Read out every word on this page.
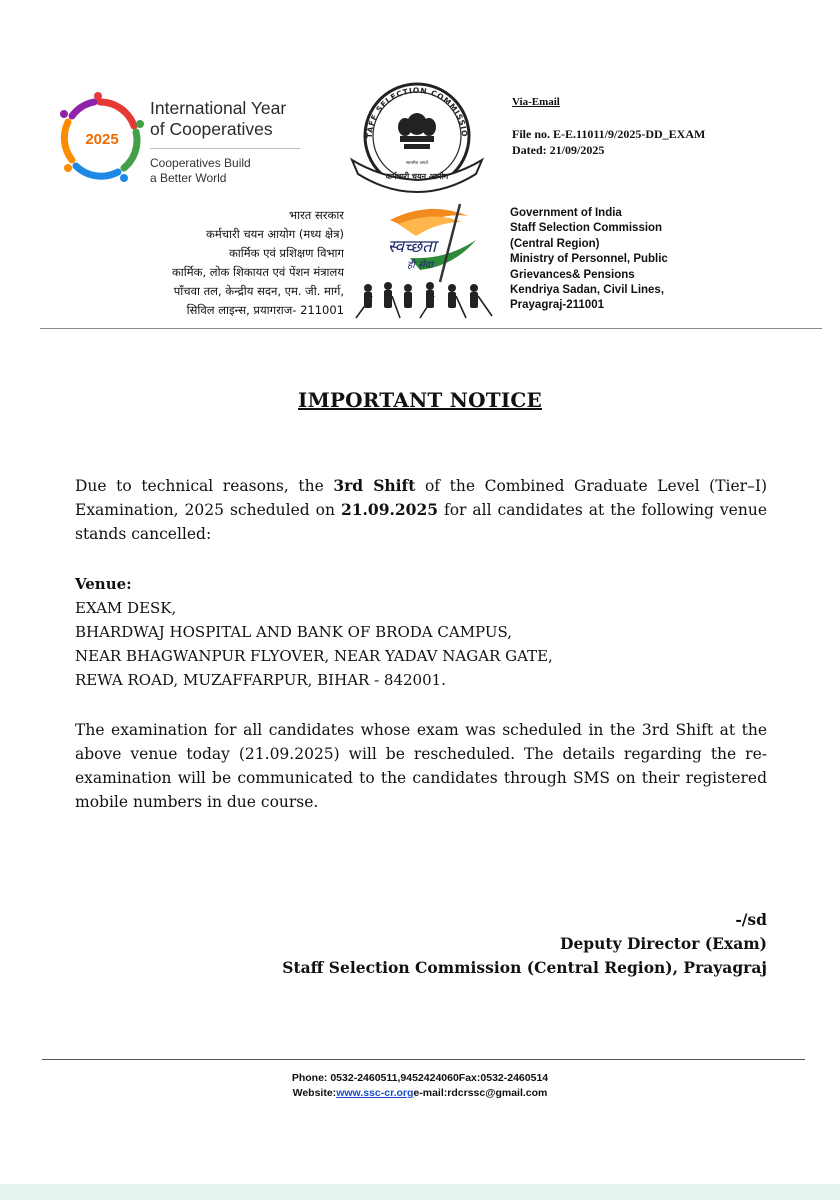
2025
International Year
of Cooperatives
Cooperatives Build
a Better World
TAFF SELECTION COMMISSIO
कर्मचारी चयन आयोग
सत्यमेव जयते
Via-Email
File no. E-E.11011/9/2025-DD_EXAM
Dated: 21/09/2025
भारत सरकार
कर्मचारी चयन आयोग (मध्य क्षेत्र)
कार्मिक एवं प्रशिक्षण विभाग
कार्मिक, लोक शिकायत एवं पेंशन मंत्रालय
पाँचवा तल, केन्द्रीय सदन, एम. जी. मार्ग,
सिविल लाइन्स, प्रयागराज- 211001
स्वच्छता
ही सेवा
Government of India
Staff Selection Commission
(Central Region)
Ministry of Personnel, Public
Grievances& Pensions
Kendriya Sadan, Civil Lines,
Prayagraj-211001
IMPORTANT NOTICE
Due to technical reasons, the 3rd Shift of the Combined Graduate Level (Tier–I) Examination, 2025 scheduled on 21.09.2025 for all candidates at the following venue stands cancelled:
Venue:
EXAM DESK,
BHARDWAJ HOSPITAL AND BANK OF BRODA CAMPUS,
NEAR BHAGWANPUR FLYOVER, NEAR YADAV NAGAR GATE,
REWA ROAD, MUZAFFARPUR, BIHAR - 842001.
The examination for all candidates whose exam was scheduled in the 3rd Shift at the above venue today (21.09.2025) will be rescheduled. The details regarding the re-examination will be communicated to the candidates through SMS on their registered mobile numbers in due course.
-/sd
Deputy Director (Exam)
Staff Selection Commission (Central Region), Prayagraj
Phone: 0532-2460511,9452424060Fax:0532-2460514
Website:www.ssc-cr.orge-mail:rdcrssc@gmail.com
